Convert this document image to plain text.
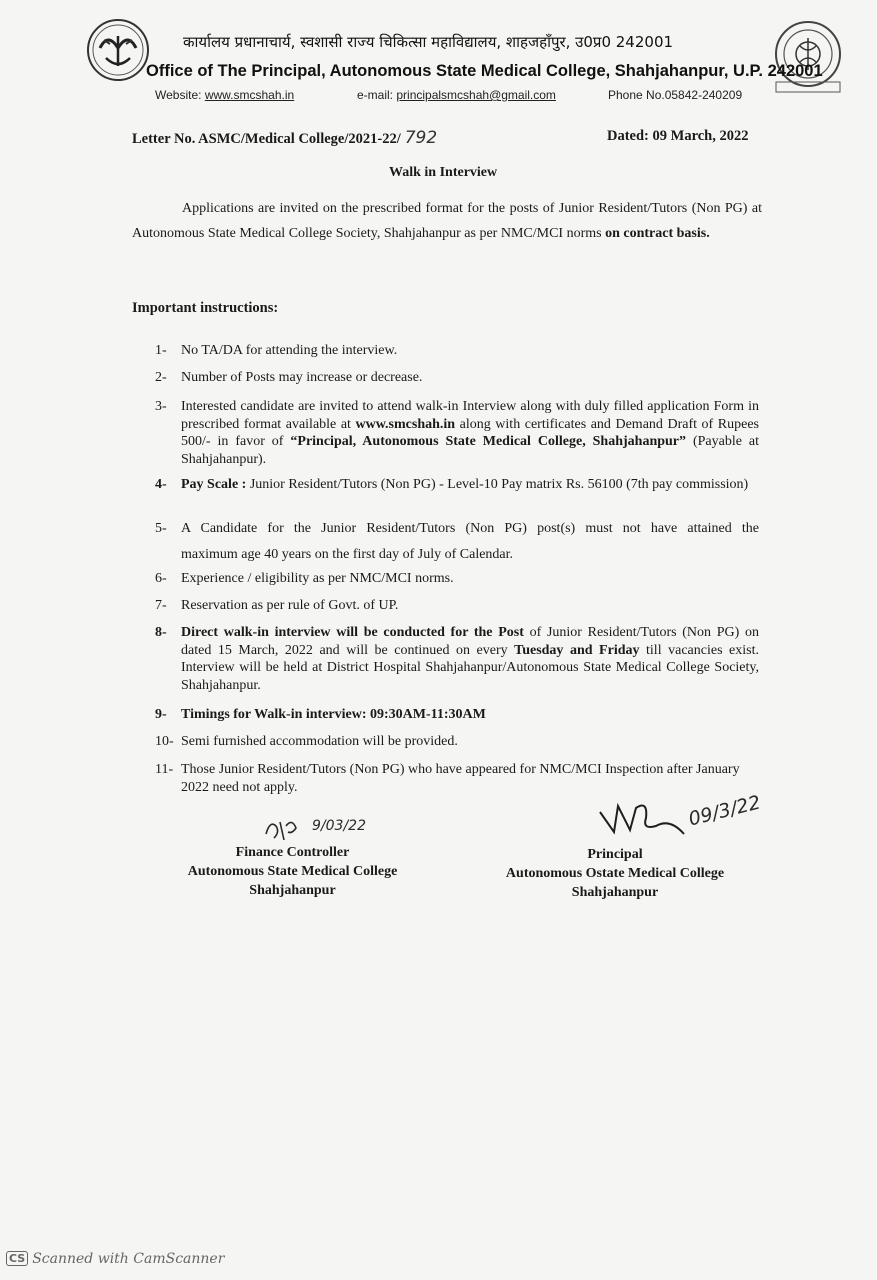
कार्यालय प्रधानाचार्य, स्वशासी राज्य चिकित्सा महाविद्यालय, शाहजहाँपुर, उ0प्र0 242001
Office of The Principal, Autonomous State Medical College, Shahjahanpur, U.P. 242001
Website: www.smcshah.in	e-mail: principalsmcshah@gmail.com	Phone No.05842-240209
Letter No. ASMC/Medical College/2021-22/ 792	Dated: 09 March, 2022
Walk in Interview
Applications are invited on the prescribed format for the posts of Junior Resident/Tutors (Non PG) at Autonomous State Medical College Society, Shahjahanpur as per NMC/MCI norms on contract basis.
Important instructions:
1- No TA/DA for attending the interview.
2- Number of Posts may increase or decrease.
3- Interested candidate are invited to attend walk-in Interview along with duly filled application Form in prescribed format available at www.smcshah.in along with certificates and Demand Draft of Rupees 500/- in favor of “Principal, Autonomous State Medical College, Shahjahanpur” (Payable at Shahjahanpur).
4- Pay Scale : Junior Resident/Tutors (Non PG) - Level-10 Pay matrix Rs. 56100 (7th pay commission)
5- A Candidate for the Junior Resident/Tutors (Non PG) post(s) must not have attained the
maximum age 40 years on the first day of July of Calendar.
6- Experience / eligibility as per NMC/MCI norms.
7- Reservation as per rule of Govt. of UP.
8- Direct walk-in interview will be conducted for the Post of Junior Resident/Tutors (Non PG) on dated 15 March, 2022 and will be continued on every Tuesday and Friday till vacancies exist. Interview will be held at District Hospital Shahjahanpur/Autonomous State Medical College Society, Shahjahanpur.
9- Timings for Walk-in interview: 09:30AM-11:30AM
10- Semi furnished accommodation will be provided.
11- Those Junior Resident/Tutors (Non PG) who have appeared for NMC/MCI Inspection after January 2022 need not apply.
9/03/22
Finance Controller
Autonomous State Medical College
Shahjahanpur
09/3/22
Principal
Autonomous Ostate Medical College
Shahjahanpur
CS Scanned with CamScanner
